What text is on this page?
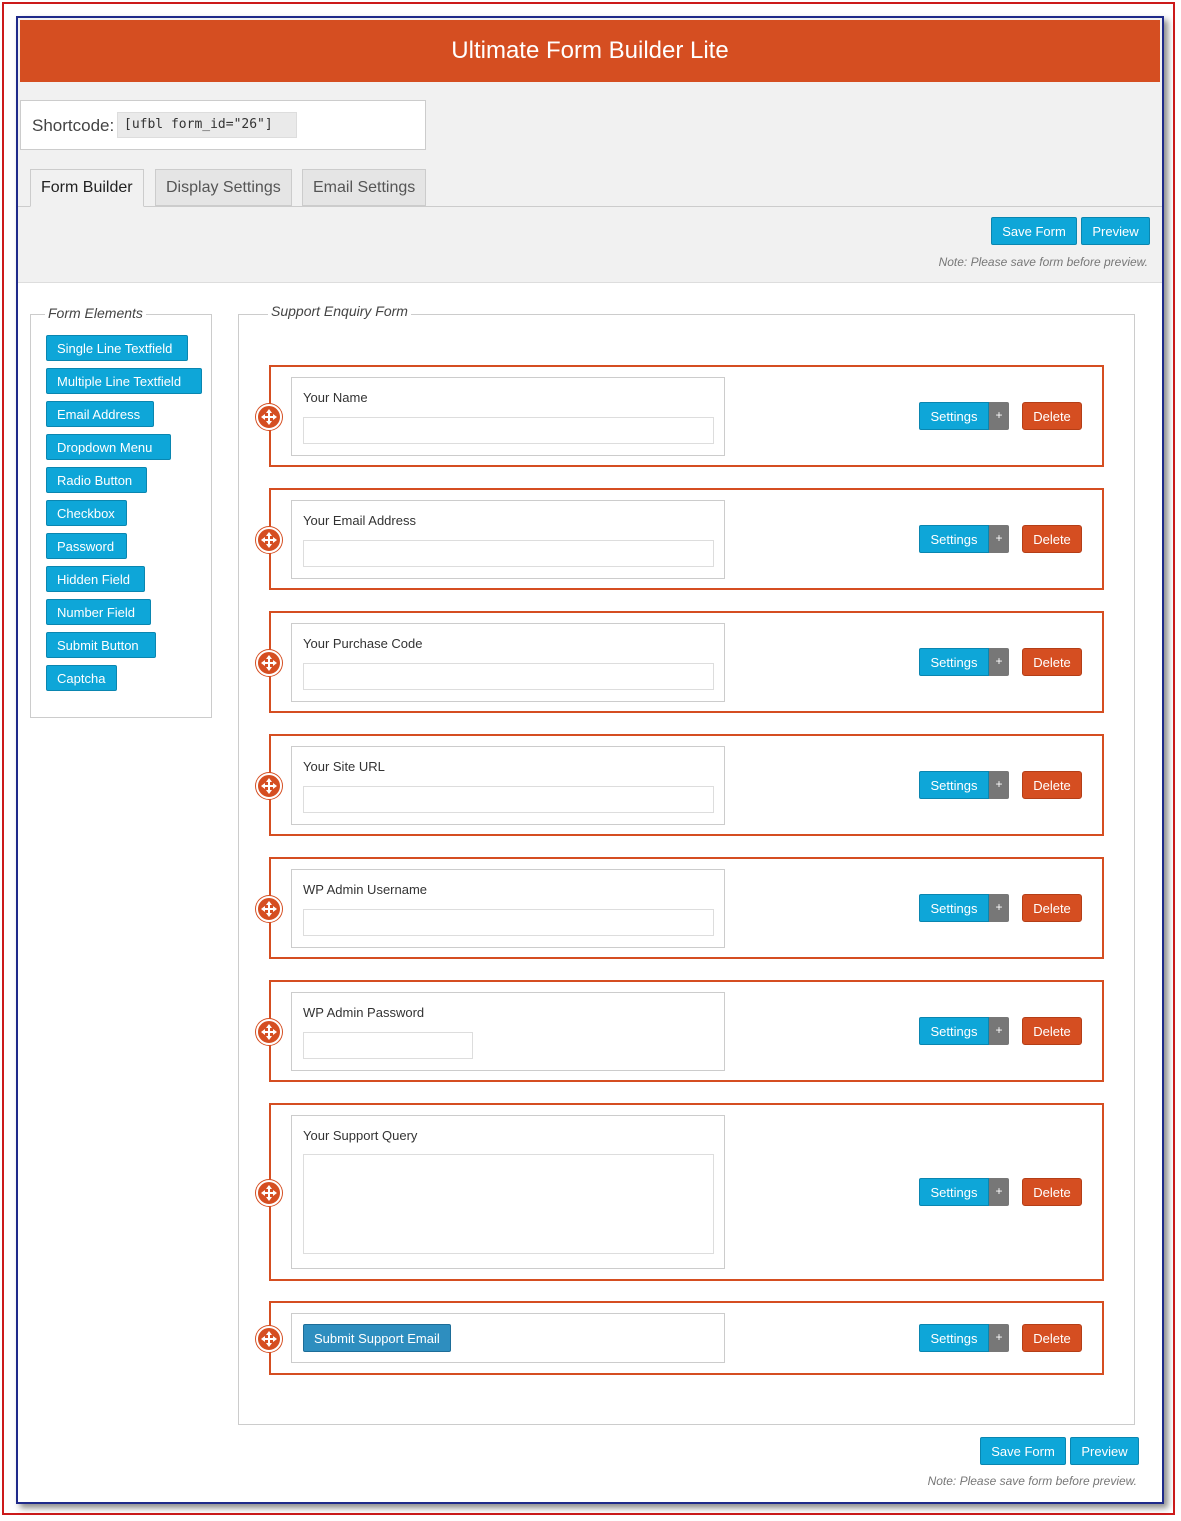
Ultimate Form Builder Lite
Shortcode: [ufbl form_id="26"]
Form Builder	Display Settings	Email Settings
Save Form	Preview
Note: Please save form before preview.
Form Elements	Support Enquiry Form
Save Form	Preview
Note: Please save form before preview.
Single Line Textfield
Multiple Line Textfield
Email Address
Dropdown Menu
Radio Button
Checkbox
Password
Hidden Field
Number Field
Submit Button
Captcha
Your Name
Settings	+	Delete
Your Email Address
Settings	+	Delete
Your Purchase Code
Settings	+	Delete
Your Site URL
Settings	+	Delete
WP Admin Username
Settings	+	Delete
WP Admin Password
Settings	+	Delete
Your Support Query
Settings	+	Delete
Submit Support Email	Settings	+	Delete
